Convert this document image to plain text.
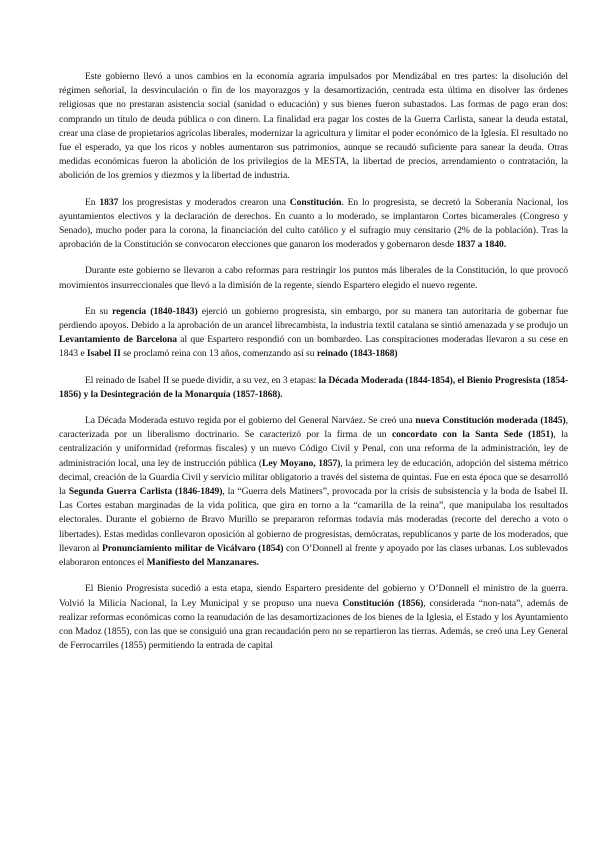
Este gobierno llevó a unos cambios en la economía agraria impulsados por Mendizábal en tres partes: la disolución del régimen señorial, la desvinculación o fin de los mayorazgos y la desamortización, centrada esta última en disolver las órdenes religiosas que no prestaran asistencia social (sanidad o educación) y sus bienes fueron subastados. Las formas de pago eran dos: comprando un título de deuda pública o con dinero. La finalidad era pagar los costes de la Guerra Carlista, sanear la deuda estatal, crear una clase de propietarios agrícolas liberales, modernizar la agricultura y limitar el poder económico de la Iglesia. El resultado no fue el esperado, ya que los ricos y nobles aumentaron sus patrimonios, aunque se recaudó suficiente para sanear la deuda. Otras medidas económicas fueron la abolición de los privilegios de la MESTA, la libertad de precios, arrendamiento o contratación, la abolición de los gremios y diezmos y la libertad de industria.

En 1837 los progresistas y moderados crearon una Constitución. En lo progresista, se decretó la Soberanía Nacional, los ayuntamientos electivos y la declaración de derechos. En cuanto a lo moderado, se implantaron Cortes bicamerales (Congreso y Senado), mucho poder para la corona, la financiación del culto católico y el sufragio muy censitario (2% de la población). Tras la aprobación de la Constitución se convocaron elecciones que ganaron los moderados y gobernaron desde 1837 a 1840.

Durante este gobierno se llevaron a cabo reformas para restringir los puntos más liberales de la Constitución, lo que provocó movimientos insurreccionales que llevó a la dimisión de la regente, siendo Espartero elegido el nuevo regente.

En su regencia (1840-1843) ejerció un gobierno progresista, sin embargo, por su manera tan autoritaria de gobernar fue perdiendo apoyos. Debido a la aprobación de un arancel librecambista, la industria textil catalana se sintió amenazada y se produjo un Levantamiento de Barcelona al que Espartero respondió con un bombardeo. Las conspiraciones moderadas llevaron a su cese en 1843 e Isabel II se proclamó reina con 13 años, comenzando así su reinado (1843-1868)

El reinado de Isabel II se puede dividir, a su vez, en 3 etapas: la Década Moderada (1844-1854), el Bienio Progresista (1854-1856) y la Desintegración de la Monarquía (1857-1868).

La Década Moderada estuvo regida por el gobierno del General Narváez. Se creó una nueva Constitución moderada (1845), caracterizada por un liberalismo doctrinario. Se caracterizó por la firma de un concordato con la Santa Sede (1851), la centralización y uniformidad (reformas fiscales) y un nuevo Código Civil y Penal, con una reforma de la administración, ley de administración local, una ley de instrucción pública (Ley Moyano, 1857), la primera ley de educación, adopción del sistema métrico decimal, creación de la Guardia Civil y servicio militar obligatorio a través del sistema de quintas. Fue en esta época que se desarrolló la Segunda Guerra Carlista (1846-1849), la “Guerra dels Matiners”, provocada por la crisis de subsistencia y la boda de Isabel II. Las Cortes estaban marginadas de la vida política, que gira en torno a la “camarilla de la reina”, que manipulaba los resultados electorales. Durante el gobierno de Bravo Murillo se prepararon reformas todavía más moderadas (recorte del derecho a voto o libertades). Estas medidas conllevaron oposición al gobierno de progresistas, demócratas, republicanos y parte de los moderados, que llevaron al Pronunciamiento militar de Vicálvaro (1854) con O’Donnell al frente y apoyado por las clases urbanas. Los sublevados elaboraron entonces el Manifiesto del Manzanares.

El Bienio Progresista sucedió a esta etapa, siendo Espartero presidente del gobierno y O’Donnell el ministro de la guerra. Volvió la Milicia Nacional, la Ley Municipal y se propuso una nueva Constitución (1856), considerada “non-nata”, además de realizar reformas económicas como la reanudación de las desamortizaciones de los bienes de la Iglesia, el Estado y los Ayuntamiento con Madoz (1855), con las que se consiguió una gran recaudación pero no se repartieron las tierras. Además, se creó una Ley General de Ferrocarriles (1855) permitiendo la entrada de capital
